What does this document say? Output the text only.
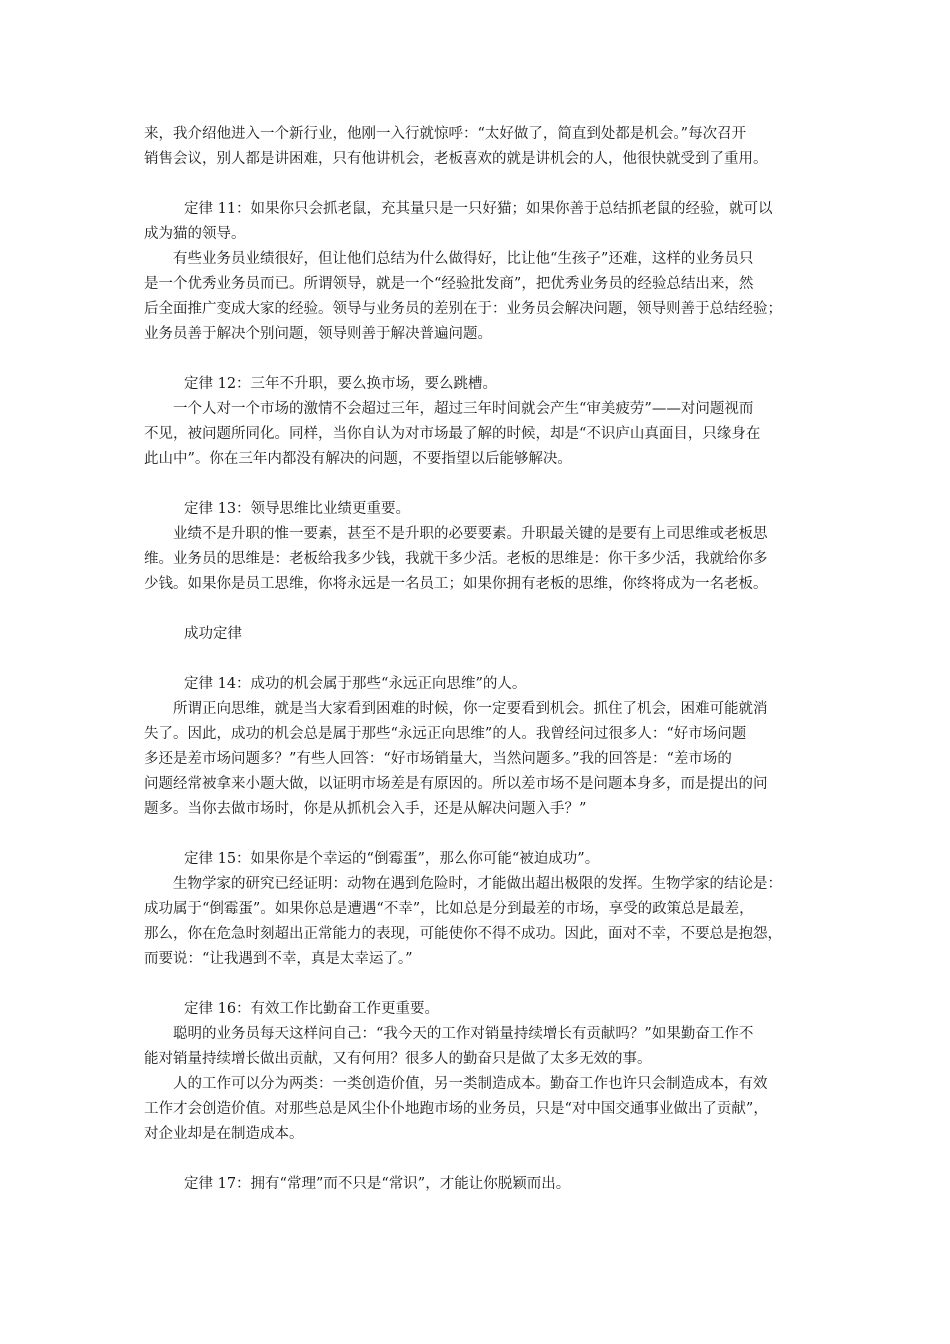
来，我介绍他进入一个新行业，他刚一入行就惊呼：“太好做了，简直到处都是机会。”每次召开
销售会议，别人都是讲困难，只有他讲机会，老板喜欢的就是讲机会的人，他很快就受到了重用。
定律 11：如果你只会抓老鼠，充其量只是一只好猫；如果你善于总结抓老鼠的经验，就可以
成为猫的领导。
有些业务员业绩很好，但让他们总结为什么做得好，比让他“生孩子”还难，这样的业务员只
是一个优秀业务员而已。所谓领导，就是一个“经验批发商”，把优秀业务员的经验总结出来，然
后全面推广变成大家的经验。领导与业务员的差别在于：业务员会解决问题，领导则善于总结经验；
业务员善于解决个别问题，领导则善于解决普遍问题。
定律 12：三年不升职，要么换市场，要么跳槽。
一个人对一个市场的激情不会超过三年，超过三年时间就会产生“审美疲劳”——对问题视而
不见，被问题所同化。同样，当你自认为对市场最了解的时候，却是“不识庐山真面目，只缘身在
此山中”。你在三年内都没有解决的问题，不要指望以后能够解决。
定律 13：领导思维比业绩更重要。
业绩不是升职的惟一要素，甚至不是升职的必要要素。升职最关键的是要有上司思维或老板思
维。业务员的思维是：老板给我多少钱，我就干多少活。老板的思维是：你干多少活，我就给你多
少钱。如果你是员工思维，你将永远是一名员工；如果你拥有老板的思维，你终将成为一名老板。
成功定律
定律 14：成功的机会属于那些“永远正向思维”的人。
所谓正向思维，就是当大家看到困难的时候，你一定要看到机会。抓住了机会，困难可能就消
失了。因此，成功的机会总是属于那些“永远正向思维”的人。我曾经问过很多人：“好市场问题
多还是差市场问题多？”有些人回答：“好市场销量大，当然问题多。”我的回答是：“差市场的
问题经常被拿来小题大做，以证明市场差是有原因的。所以差市场不是问题本身多，而是提出的问
题多。当你去做市场时，你是从抓机会入手，还是从解决问题入手？”
定律 15：如果你是个幸运的“倒霉蛋”，那么你可能“被迫成功”。
生物学家的研究已经证明：动物在遇到危险时，才能做出超出极限的发挥。生物学家的结论是：
成功属于“倒霉蛋”。如果你总是遭遇“不幸”，比如总是分到最差的市场，享受的政策总是最差，
那么，你在危急时刻超出正常能力的表现，可能使你不得不成功。因此，面对不幸，不要总是抱怨，
而要说：“让我遇到不幸，真是太幸运了。”
定律 16：有效工作比勤奋工作更重要。
聪明的业务员每天这样问自己：“我今天的工作对销量持续增长有贡献吗？”如果勤奋工作不
能对销量持续增长做出贡献，又有何用？很多人的勤奋只是做了太多无效的事。
人的工作可以分为两类：一类创造价值，另一类制造成本。勤奋工作也许只会制造成本，有效
工作才会创造价值。对那些总是风尘仆仆地跑市场的业务员，只是“对中国交通事业做出了贡献”，
对企业却是在制造成本。
定律 17：拥有“常理”而不只是“常识”，才能让你脱颖而出。
